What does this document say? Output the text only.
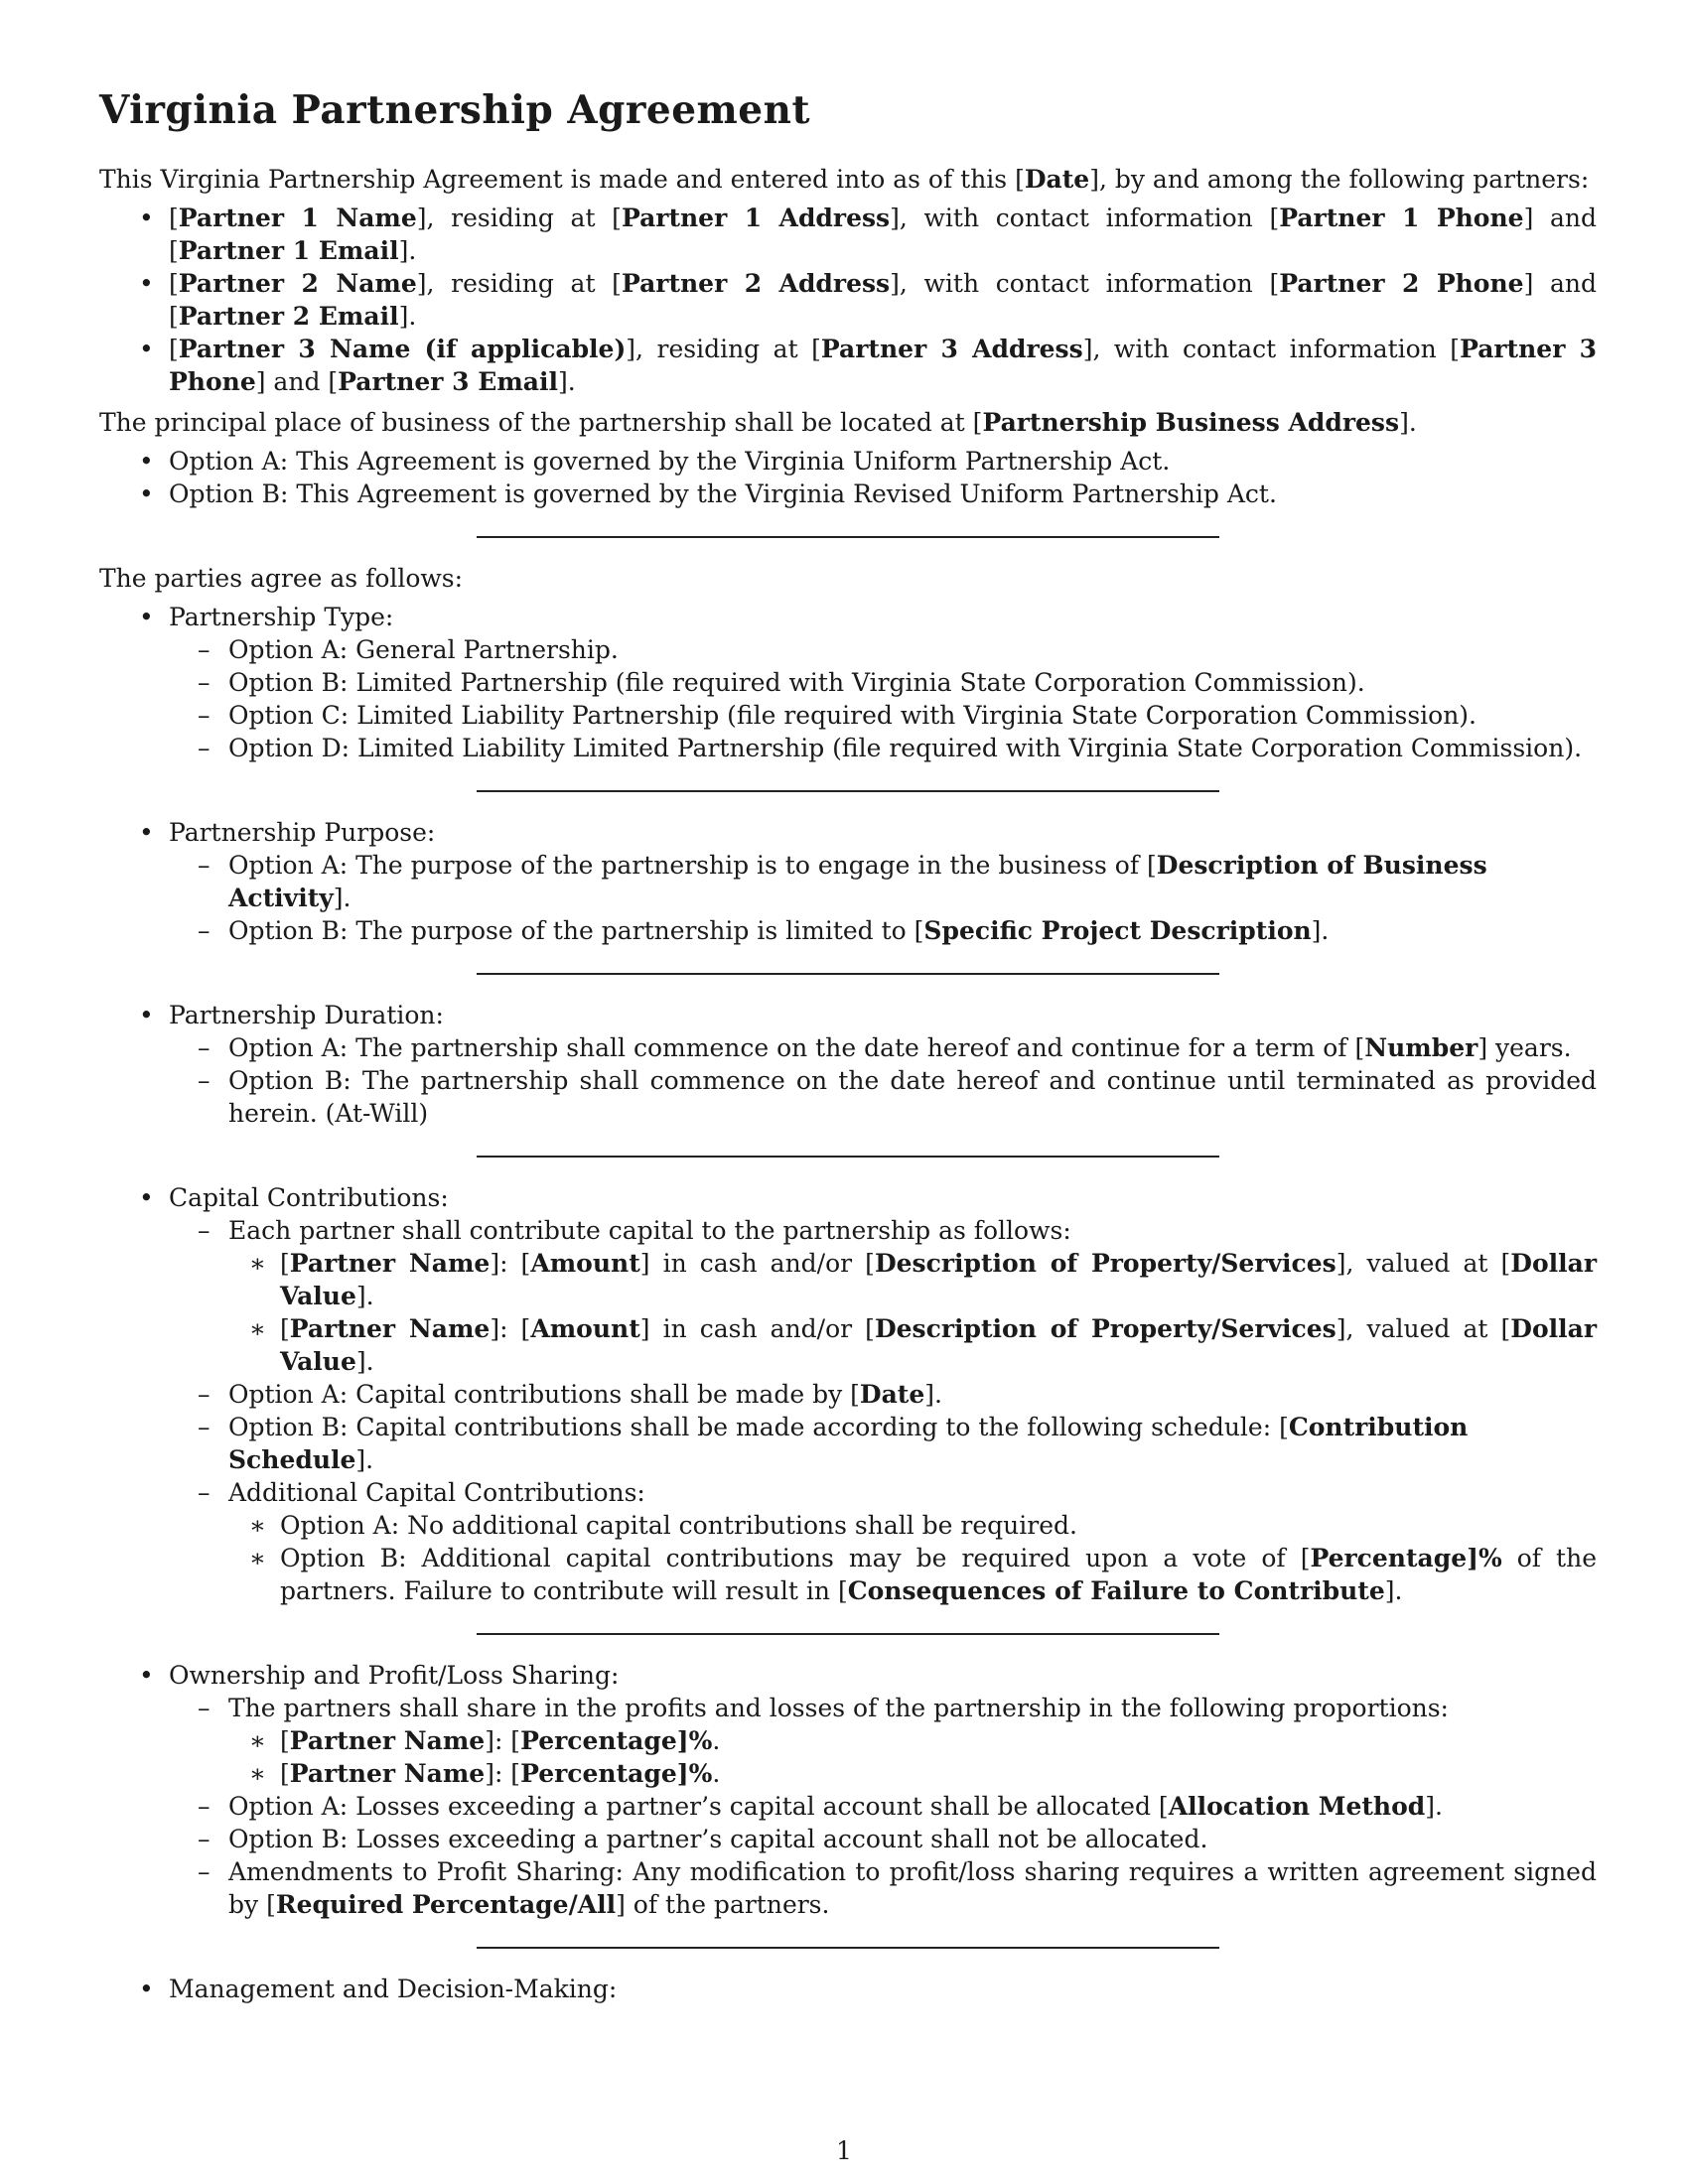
Virginia Partnership Agreement

This Virginia Partnership Agreement is made and entered into as of this [Date], by and among the following partners:

• [Partner 1 Name], residing at [Partner 1 Address], with contact information [Partner 1 Phone] and [Partner 1 Email].
• [Partner 2 Name], residing at [Partner 2 Address], with contact information [Partner 2 Phone] and [Partner 2 Email].
• [Partner 3 Name (if applicable)], residing at [Partner 3 Address], with contact information [Partner 3 Phone] and [Partner 3 Email].

The principal place of business of the partnership shall be located at [Partnership Business Address].

• Option A: This Agreement is governed by the Virginia Uniform Partnership Act.
• Option B: This Agreement is governed by the Virginia Revised Uniform Partnership Act.

The parties agree as follows:

• Partnership Type:
– Option A: General Partnership.
– Option B: Limited Partnership (file required with Virginia State Corporation Commission).
– Option C: Limited Liability Partnership (file required with Virginia State Corporation Commission).
– Option D: Limited Liability Limited Partnership (file required with Virginia State Corporation Commission).
• Partnership Purpose:
– Option A: The purpose of the partnership is to engage in the business of [Description of Business Activity].
– Option B: The purpose of the partnership is limited to [Specific Project Description].
• Partnership Duration:
– Option A: The partnership shall commence on the date hereof and continue for a term of [Number] years.
– Option B: The partnership shall commence on the date hereof and continue until terminated as provided herein. (At-Will)
• Capital Contributions:
– Each partner shall contribute capital to the partnership as follows:
∗ [Partner Name]: [Amount] in cash and/or [Description of Property/Services], valued at [Dollar Value].
∗ [Partner Name]: [Amount] in cash and/or [Description of Property/Services], valued at [Dollar Value].
– Option A: Capital contributions shall be made by [Date].
– Option B: Capital contributions shall be made according to the following schedule: [Contribution Schedule].
– Additional Capital Contributions:
∗ Option A: No additional capital contributions shall be required.
∗ Option B: Additional capital contributions may be required upon a vote of [Percentage]% of the partners. Failure to contribute will result in [Consequences of Failure to Contribute].
• Ownership and Profit/Loss Sharing:
– The partners shall share in the profits and losses of the partnership in the following proportions:
∗ [Partner Name]: [Percentage]%.
∗ [Partner Name]: [Percentage]%.
– Option A: Losses exceeding a partner’s capital account shall be allocated [Allocation Method].
– Option B: Losses exceeding a partner’s capital account shall not be allocated.
– Amendments to Profit Sharing: Any modification to profit/loss sharing requires a written agreement signed by [Required Percentage/All] of the partners.
• Management and Decision-Making:
1
